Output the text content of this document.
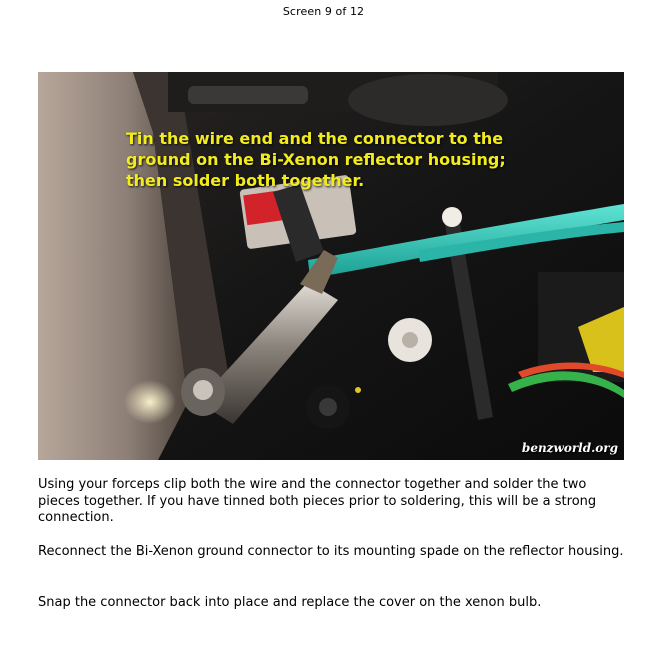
Screen 9 of 12
Tin the wire end and the connector to the
ground on the Bi-Xenon reflector housing;
then solder both together.
benzworld.org

Using your forceps clip both the wire and the connector together and solder the two pieces together. If you have tinned both pieces prior to soldering, this will be a strong connection.

Reconnect the Bi-Xenon ground connector to its mounting spade on the reflector housing.

Snap the connector back into place and replace the cover on the xenon bulb.
